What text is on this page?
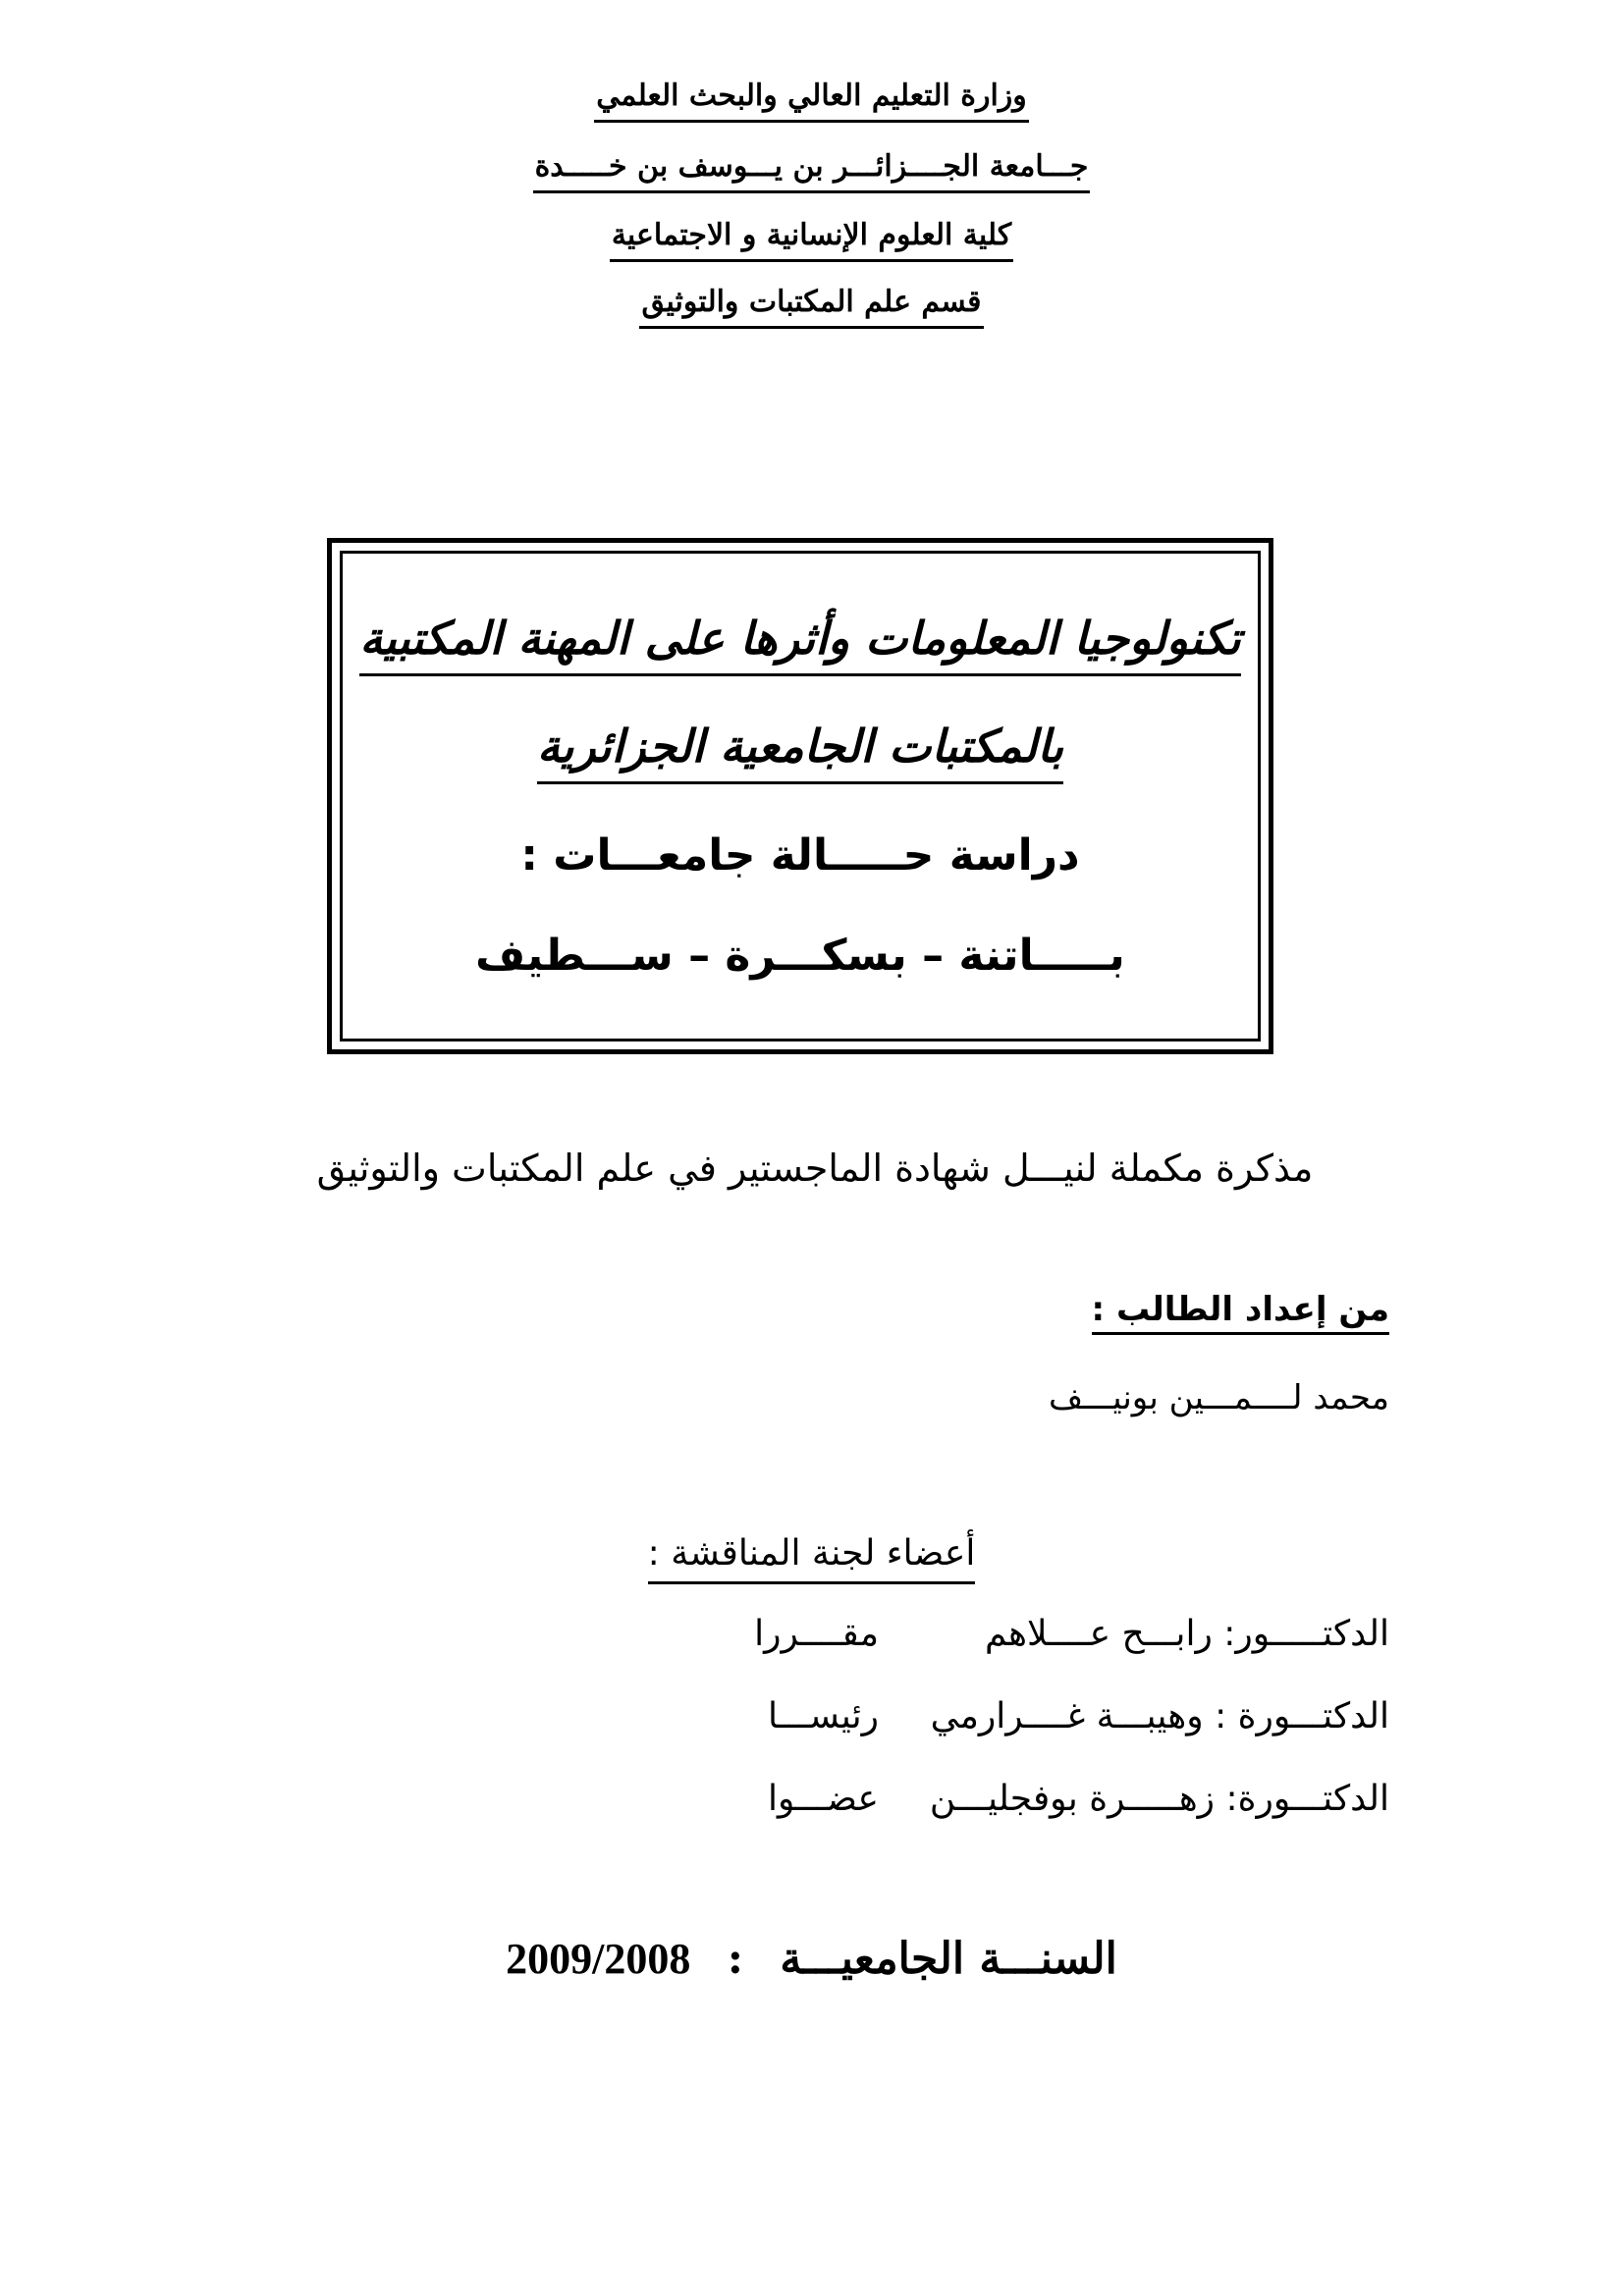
وزارة التعليم العالي والبحث العلمي
جـــامعة الجــــزائـــر بن يـــوسف بن خـــــدة
كلية العلوم الإنسانية و الاجتماعية
قسم علم المكتبات والتوثيق
تكنولوجيا المعلومات وأثرها على المهنة المكتبية
بالمكتبات الجامعية الجزائرية
دراسة حـــــالة جامعـــات :
بـــــاتنة – بسكـــرة – ســـطيف
مذكرة مكملة لنيـــل شهادة الماجستير في علم المكتبات والتوثيق
من إعداد الطالب :
محمد لــــمـــين بونيـــف
أعضاء لجنة المناقشة :
الدكتـــــور: رابـــح عــــلاهم
مقــــررا
الدكتـــورة : وهيبـــة غــــرارمي
رئيســـا
الدكتـــورة: زهـــــرة بوفجليـــن
عضـــوا
السنـــة الجامعيـــة : 2009/2008
